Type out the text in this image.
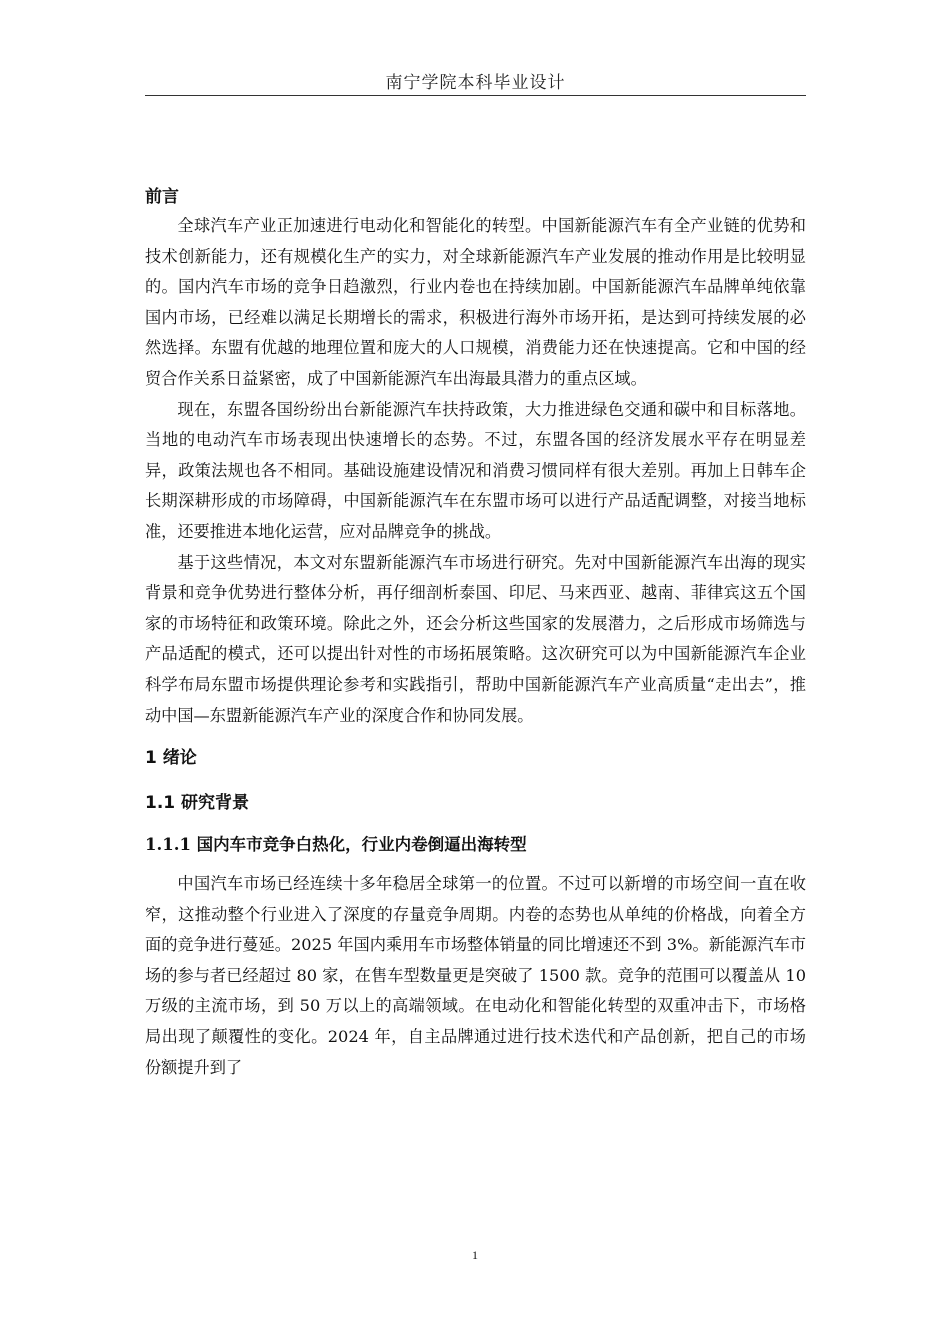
南宁学院本科毕业设计
前言

全球汽车产业正加速进行电动化和智能化的转型。中国新能源汽车有全产业链的优势和技术创新能力，还有规模化生产的实力，对全球新能源汽车产业发展的推动作用是比较明显的。国内汽车市场的竞争日趋激烈，行业内卷也在持续加剧。中国新能源汽车品牌单纯依靠国内市场，已经难以满足长期增长的需求，积极进行海外市场开拓，是达到可持续发展的必然选择。东盟有优越的地理位置和庞大的人口规模，消费能力还在快速提高。它和中国的经贸合作关系日益紧密，成了中国新能源汽车出海最具潜力的重点区域。

现在，东盟各国纷纷出台新能源汽车扶持政策，大力推进绿色交通和碳中和目标落地。当地的电动汽车市场表现出快速增长的态势。不过，东盟各国的经济发展水平存在明显差异，政策法规也各不相同。基础设施建设情况和消费习惯同样有很大差别。再加上日韩车企长期深耕形成的市场障碍，中国新能源汽车在东盟市场可以进行产品适配调整，对接当地标准，还要推进本地化运营，应对品牌竞争的挑战。

基于这些情况，本文对东盟新能源汽车市场进行研究。先对中国新能源汽车出海的现实背景和竞争优势进行整体分析，再仔细剖析泰国、印尼、马来西亚、越南、菲律宾这五个国家的市场特征和政策环境。除此之外，还会分析这些国家的发展潜力，之后形成市场筛选与产品适配的模式，还可以提出针对性的市场拓展策略。这次研究可以为中国新能源汽车企业科学布局东盟市场提供理论参考和实践指引，帮助中国新能源汽车产业高质量“走出去”，推动中国—东盟新能源汽车产业的深度合作和协同发展。

1 绪论
1.1 研究背景
1.1.1 国内车市竞争白热化，行业内卷倒逼出海转型

中国汽车市场已经连续十多年稳居全球第一的位置。不过可以新增的市场空间一直在收窄，这推动整个行业进入了深度的存量竞争周期。内卷的态势也从单纯的价格战，向着全方面的竞争进行蔓延。2025 年国内乘用车市场整体销量的同比增速还不到 3%。新能源汽车市场的参与者已经超过 80 家，在售车型数量更是突破了 1500 款。竞争的范围可以覆盖从 10 万级的主流市场，到 50 万以上的高端领域。在电动化和智能化转型的双重冲击下，市场格局出现了颠覆性的变化。2024 年，自主品牌通过进行技术迭代和产品创新，把自己的市场份额提升到了

1
